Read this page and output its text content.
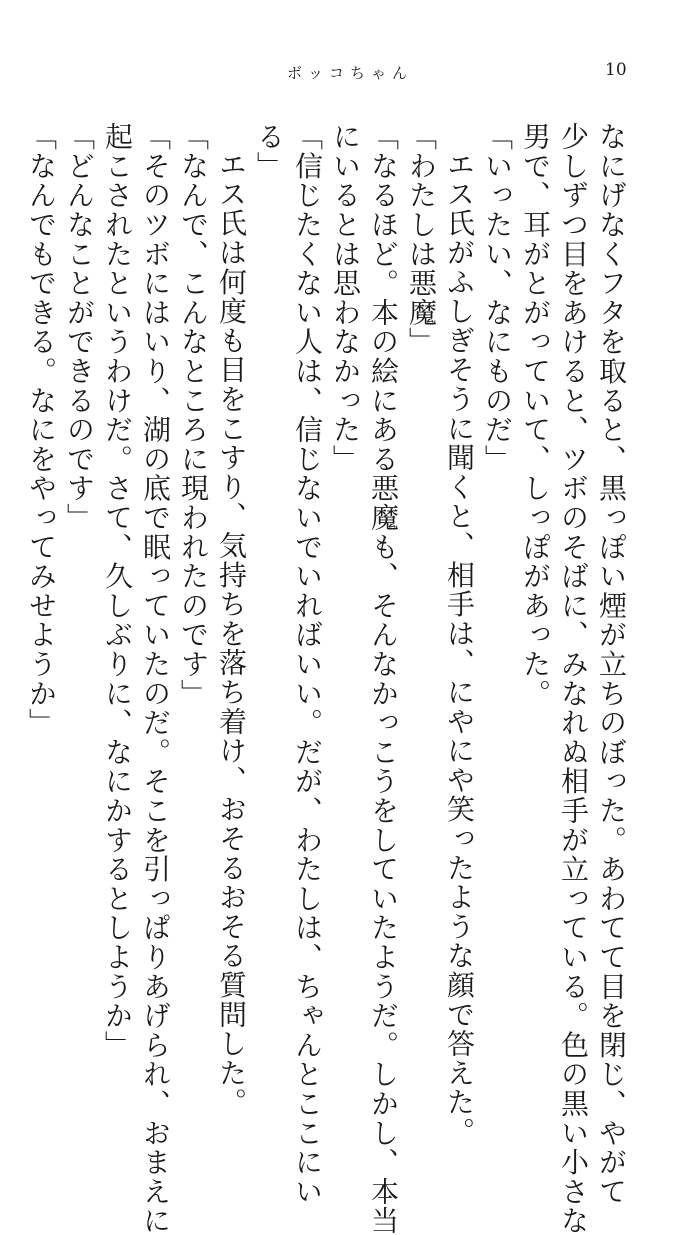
ボッコちゃん	10
なにげなくフタを取ると、黒っぽい煙が立ちのぼった。あわてて目を閉じ、やがて
少しずつ目をあけると、ツボのそばに、みなれぬ相手が立っている。色の黒い小さな
男で、耳がとがっていて、しっぽがあった。
「いったい、なにものだ」
エス氏がふしぎそうに聞くと、相手は、にやにや笑ったような顔で答えた。
「わたしは悪魔」
「なるほど。本の絵にある悪魔も、そんなかっこうをしていたようだ。しかし、本当
にいるとは思わなかった」
「信じたくない人は、信じないでいればいい。だが、わたしは、ちゃんとここにい
る」
エス氏は何度も目をこすり、気持ちを落ち着け、おそるおそる質問した。
「なんで、こんなところに現われたのです」
「そのツボにはいり、湖の底で眠っていたのだ。そこを引っぱりあげられ、おまえに
起こされたというわけだ。さて、久しぶりに、なにかするとしようか」
「どんなことができるのです」
「なんでもできる。なにをやってみせようか」
